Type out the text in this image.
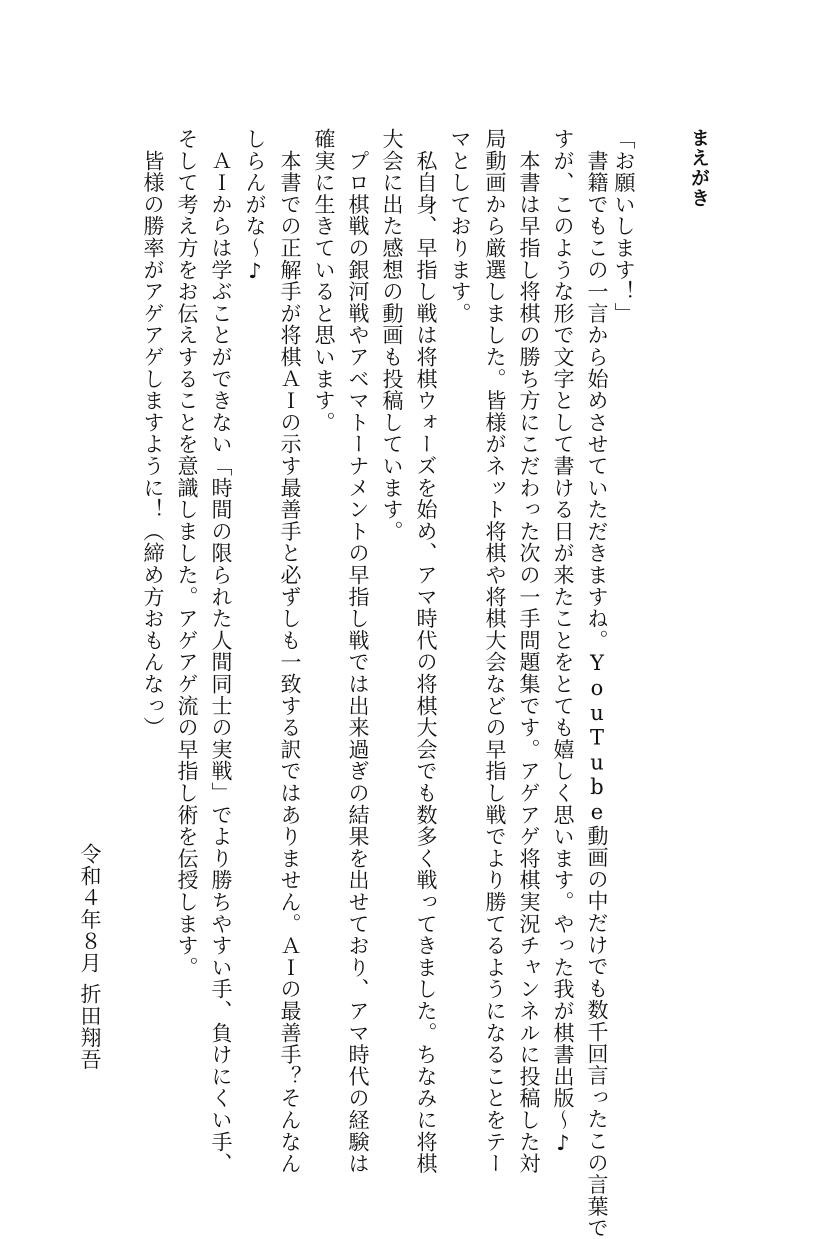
まえがき
「お願いします！」
　書籍でもこの一言から始めさせていただきますね。YouTube動画の中だけでも数千回言ったこの言葉で
すが、このような形で文字として書ける日が来たことをとても嬉しく思います。やった我が棋書出版〜♪
　本書は早指し将棋の勝ち方にこだわった次の一手問題集です。アゲアゲ将棋実況チャンネルに投稿した対
局動画から厳選しました。皆様がネット将棋や将棋大会などの早指し戦でより勝てるようになることをテー
マとしております。
　私自身、早指し戦は将棋ウォーズを始め、アマ時代の将棋大会でも数多く戦ってきました。ちなみに将棋
大会に出た感想の動画も投稿しています。
　プロ棋戦の銀河戦やアベマトーナメントの早指し戦では出来過ぎの結果を出せており、アマ時代の経験は
確実に生きていると思います。
　本書での正解手が将棋ＡＩの示す最善手と必ずしも一致する訳ではありません。ＡＩの最善手？そんなん
しらんがな〜♪
　ＡＩからは学ぶことができない「時間の限られた人間同士の実戦」でより勝ちやすい手、負けにくい手、
そして考え方をお伝えすることを意識しました。アゲアゲ流の早指し術を伝授します。
　皆様の勝率がアゲアゲしますように！（締め方おもんなっ）
令和４年８月
折田翔吾
